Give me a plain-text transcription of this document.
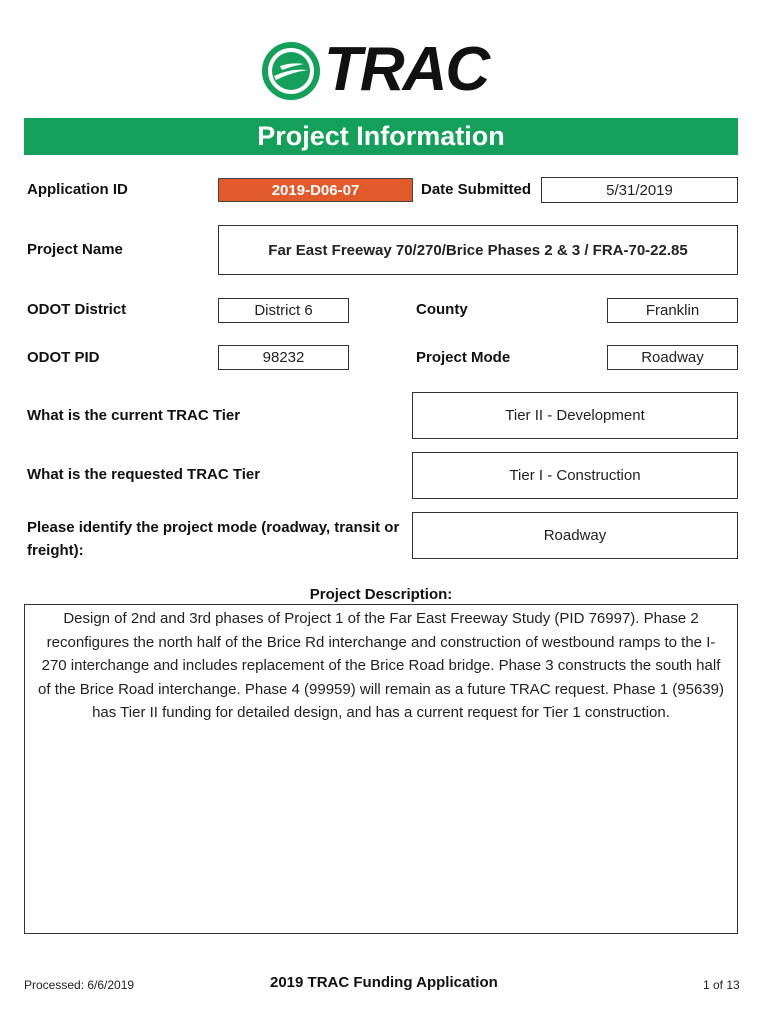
TRAC
Project Information
Application ID	2019-D06-07	Date Submitted	5/31/2019
Project Name	Far East Freeway 70/270/Brice Phases 2 & 3 / FRA-70-22.85
ODOT District	District 6	County	Franklin
ODOT PID	98232	Project Mode	Roadway
What is the current TRAC Tier	Tier II - Development
What is the requested TRAC Tier	Tier I - Construction
Please identify the project mode (roadway, transit or freight):
Roadway
Project Description:
Design of 2nd and 3rd phases of Project 1 of the Far East Freeway Study (PID 76997). Phase 2 reconfigures the north half of the Brice Rd interchange and construction of westbound ramps to the I-270 interchange and includes replacement of the Brice Road bridge. Phase 3 constructs the south half of the Brice Road interchange. Phase 4 (99959) will remain as a future TRAC request. Phase 1 (95639) has Tier II funding for detailed design, and has a current request for Tier 1 construction.
Processed: 6/6/2019	2019 TRAC Funding Application	1 of 13
